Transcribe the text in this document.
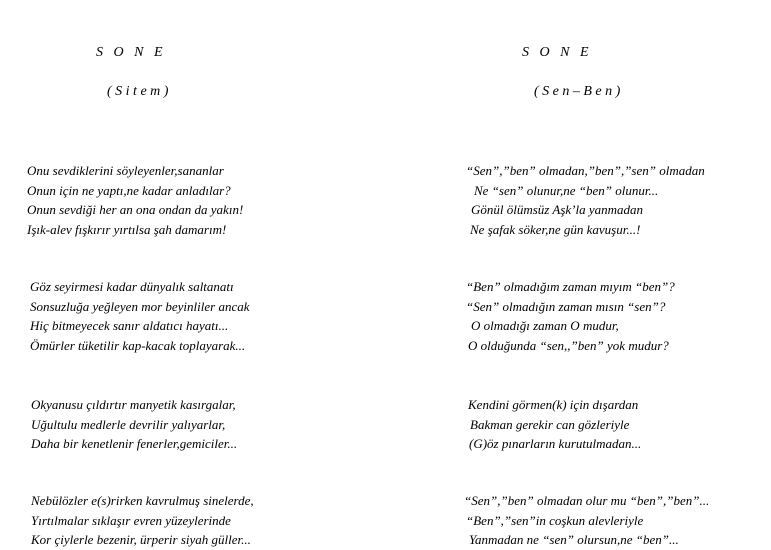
S   O   N   E
( S i t e m )
Onu sevdiklerini söyleyenler,sananlar
Onun için ne yaptı,ne kadar anladılar?
Onun sevdiği her an ona ondan da yakın!
Işık-alev fışkırır yırtılsa şah damarım!
Göz seyirmesi kadar dünyalık saltanatı
Sonsuzluğa yeğleyen mor beyinliler ancak
Hiç bitmeyecek sanır aldatıcı hayatı...
Ömürler tüketilir kap-kacak toplayarak...
Okyanusu çıldırtır manyetik kasırgalar,
Uğultulu medlerle devrilir yalıyarlar,
Daha bir kenetlenir fenerler,gemiciler...
Nebülözler e(s)rirken kavrulmuş sinelerde,
Yırtılmalar sıklaşır evren yüzeylerinde
Kor çiylerle bezenir, ürperir siyah güller...
S   O   N   E
( S e n – B e n )
“Sen”,”ben” olmadan,”ben”,”sen” olmadan
Ne “sen” olunur,ne “ben” olunur...
Gönül ölümsüz Aşk’la yanmadan
Ne şafak söker,ne gün kavuşur...!
“Ben” olmadığım zaman mıyım “ben”?
“Sen” olmadığın zaman mısın “sen”?
O olmadığı zaman O mudur,
O olduğunda “sen,,”ben” yok mudur?
Kendini görmen(k) için dışardan
Bakman gerekir can gözleriyle
(G)öz pınarların kurutulmadan...
“Sen”,”ben” olmadan olur mu “ben”,”ben”...
“Ben”,”sen”in coşkun alevleriyle
Yanmadan ne “sen” olursun,ne “ben”...
